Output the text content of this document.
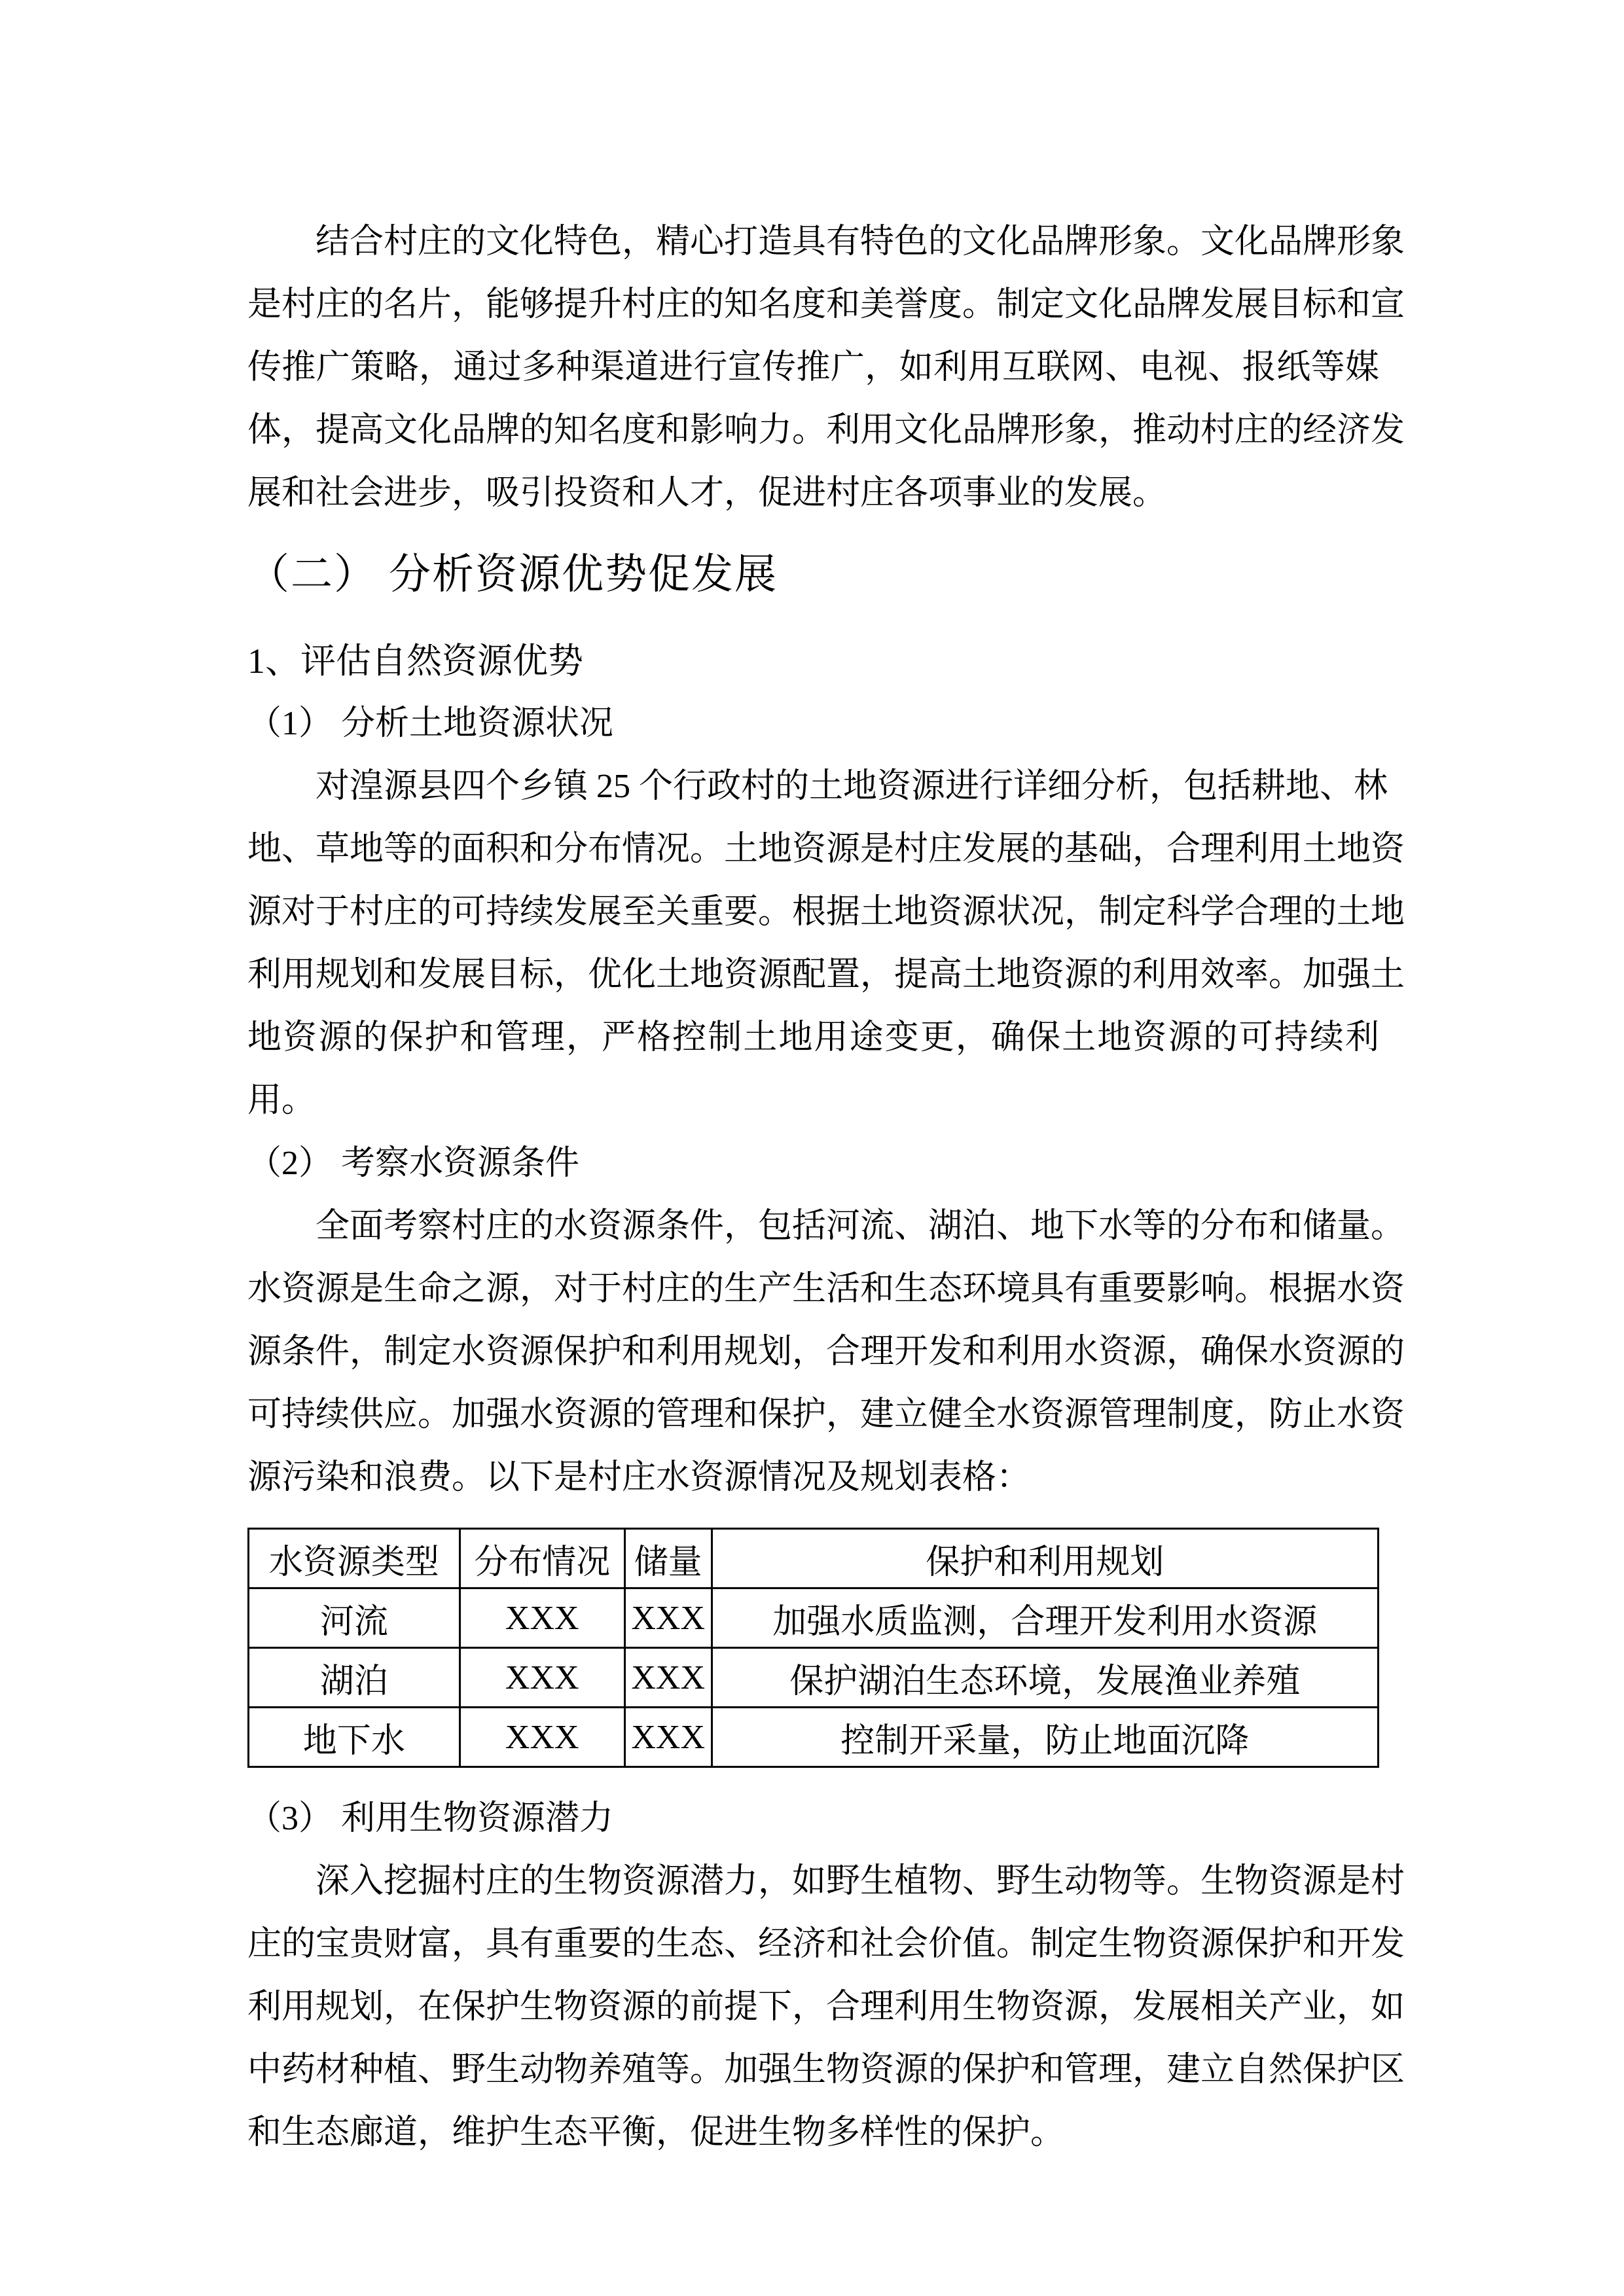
结合村庄的文化特色，精心打造具有特色的文化品牌形象。文化品牌形象
是村庄的名片，能够提升村庄的知名度和美誉度。制定文化品牌发展目标和宣
传推广策略，通过多种渠道进行宣传推广，如利用互联网、电视、报纸等媒
体，提高文化品牌的知名度和影响力。利用文化品牌形象，推动村庄的经济发
展和社会进步，吸引投资和人才，促进村庄各项事业的发展。
（二） 分析资源优势促发展
1、评估自然资源优势
（1） 分析土地资源状况
对湟源县四个乡镇 25 个行政村的土地资源进行详细分析，包括耕地、林
地、草地等的面积和分布情况。土地资源是村庄发展的基础，合理利用土地资
源对于村庄的可持续发展至关重要。根据土地资源状况，制定科学合理的土地
利用规划和发展目标，优化土地资源配置，提高土地资源的利用效率。加强土
地资源的保护和管理，严格控制土地用途变更，确保土地资源的可持续利用。
（2） 考察水资源条件
全面考察村庄的水资源条件，包括河流、湖泊、地下水等的分布和储量。
水资源是生命之源，对于村庄的生产生活和生态环境具有重要影响。根据水资
源条件，制定水资源保护和利用规划，合理开发和利用水资源，确保水资源的
可持续供应。加强水资源的管理和保护，建立健全水资源管理制度，防止水资
源污染和浪费。以下是村庄水资源情况及规划表格：
水资源类型	分布情况	储量	保护和利用规划
河流	XXX	XXX	加强水质监测，合理开发利用水资源
湖泊	XXX	XXX	保护湖泊生态环境，发展渔业养殖
地下水	XXX	XXX	控制开采量，防止地面沉降
（3） 利用生物资源潜力
深入挖掘村庄的生物资源潜力，如野生植物、野生动物等。生物资源是村
庄的宝贵财富，具有重要的生态、经济和社会价值。制定生物资源保护和开发
利用规划，在保护生物资源的前提下，合理利用生物资源，发展相关产业，如
中药材种植、野生动物养殖等。加强生物资源的保护和管理，建立自然保护区
和生态廊道，维护生态平衡，促进生物多样性的保护。
